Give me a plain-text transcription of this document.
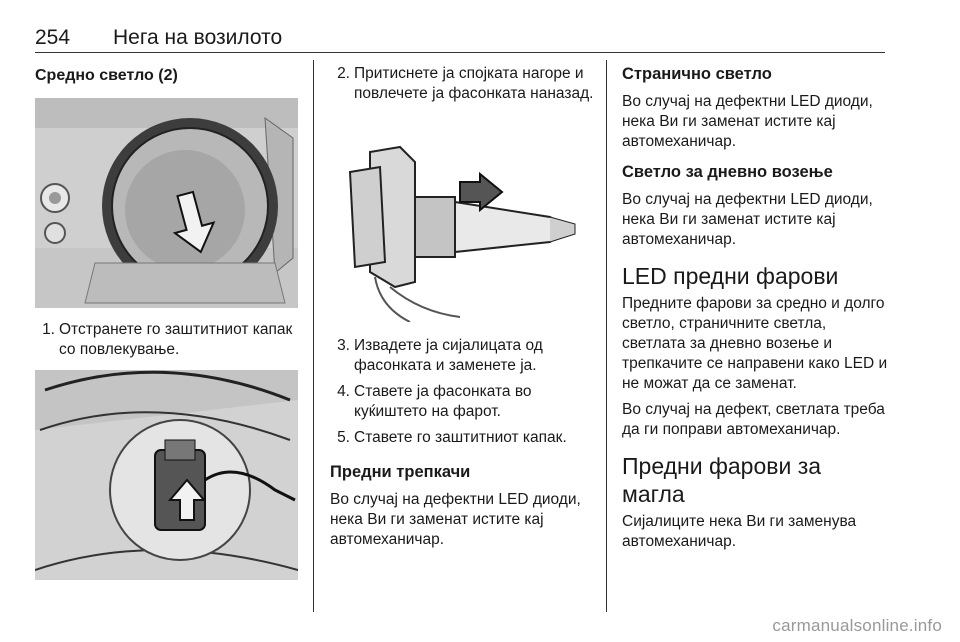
254 Нега на возилото
Средно светло (2)
1. Отстранете го заштитниот капак со повлекување.
2. Притиснете ја спојката нагоре и повлечете ја фасонката наназад.
3. Извадете ја сијалицата од фасонката и заменете ја.
4. Ставете ја фасонката во куќиштето на фарот.
5. Ставете го заштитниот капак.
Предни трепкачи

Во случај на дефектни LED диоди, нека Ви ги заменат истите кај автомеханичар.

Странично светло

Во случај на дефектни LED диоди, нека Ви ги заменат истите кај автомеханичар.

Светло за дневно возење

Во случај на дефектни LED диоди, нека Ви ги заменат истите кај автомеханичар.

LED предни фарови

Предните фарови за средно и долго светло, страничните светла, светлата за дневно возење и трепкачите се направени како LED и не можат да се заменат.

Во случај на дефект, светлата треба да ги поправи автомеханичар.

Предни фарови за магла

Сијалиците нека Ви ги заменува автомеханичар.

carmanualsonline.info
